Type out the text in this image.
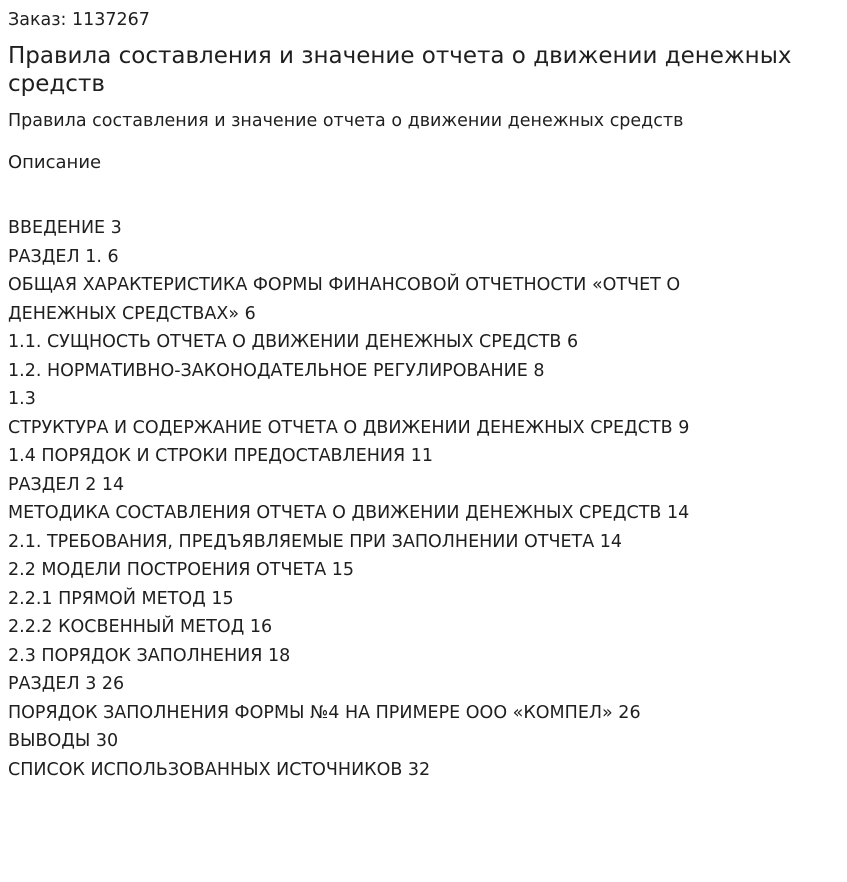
Заказ: 1137267

Правила составления и значение отчета о движении денежных средств

Правила составления и значение отчета о движении денежных средств

Описание

ВВЕДЕНИЕ 3
РАЗДЕЛ 1. 6
ОБЩАЯ ХАРАКТЕРИСТИКА ФОРМЫ ФИНАНСОВОЙ ОТЧЕТНОСТИ «ОТЧЕТ О
ДЕНЕЖНЫХ СРЕДСТВАХ» 6
1.1. СУЩНОСТЬ ОТЧЕТА О ДВИЖЕНИИ ДЕНЕЖНЫХ СРЕДСТВ 6
1.2. НОРМАТИВНО-ЗАКОНОДАТЕЛЬНОЕ РЕГУЛИРОВАНИЕ 8
1.3
СТРУКТУРА И СОДЕРЖАНИЕ ОТЧЕТА О ДВИЖЕНИИ ДЕНЕЖНЫХ СРЕДСТВ 9
1.4 ПОРЯДОК И СТРОКИ ПРЕДОСТАВЛЕНИЯ 11
РАЗДЕЛ 2 14
МЕТОДИКА СОСТАВЛЕНИЯ ОТЧЕТА О ДВИЖЕНИИ ДЕНЕЖНЫХ СРЕДСТВ 14
2.1. ТРЕБОВАНИЯ, ПРЕДЪЯВЛЯЕМЫЕ ПРИ ЗАПОЛНЕНИИ ОТЧЕТА 14
2.2 МОДЕЛИ ПОСТРОЕНИЯ ОТЧЕТА 15
2.2.1 ПРЯМОЙ МЕТОД 15
2.2.2 КОСВЕННЫЙ МЕТОД 16
2.3 ПОРЯДОК ЗАПОЛНЕНИЯ 18
РАЗДЕЛ 3 26
ПОРЯДОК ЗАПОЛНЕНИЯ ФОРМЫ №4 НА ПРИМЕРЕ ООО «КОМПЕЛ» 26
ВЫВОДЫ 30
СПИСОК ИСПОЛЬЗОВАННЫХ ИСТОЧНИКОВ 32
